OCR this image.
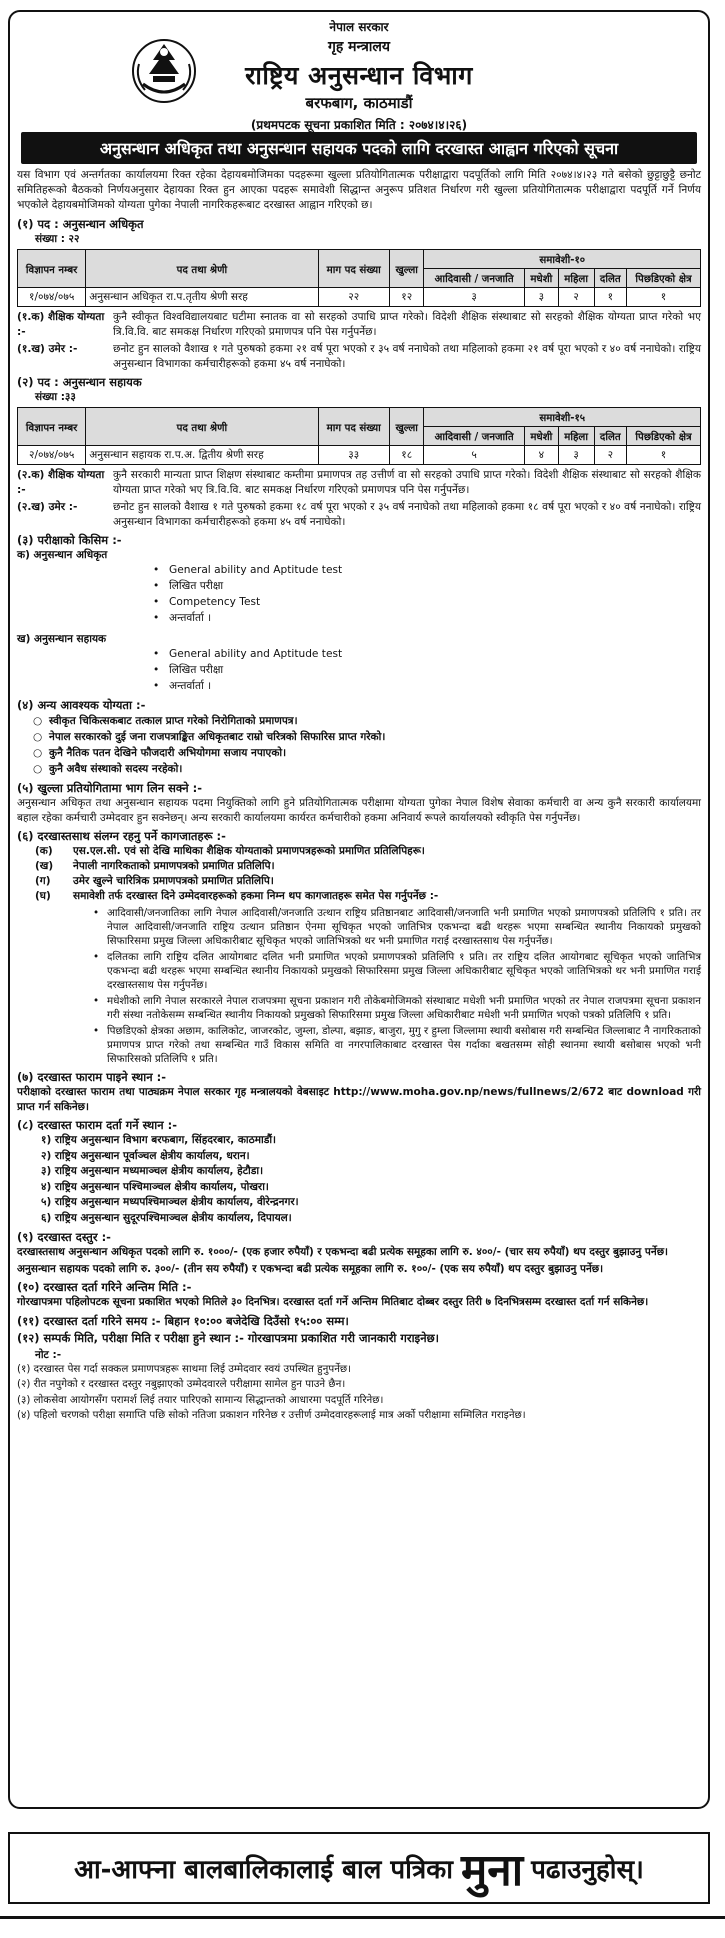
नेपाल सरकार
गृह मन्त्रालय
राष्ट्रिय अनुसन्धान विभाग
बरफबाग, काठमाडौं
(प्रथमपटक सूचना प्रकाशित मिति : २०७४।४।२६)
अनुसन्धान अधिकृत तथा अनुसन्धान सहायक पदको लागि दरखास्त आह्वान गरिएको सूचना

यस विभाग एवं अन्तर्गतका कार्यालयमा रिक्त रहेका देहायबमोजिमका पदहरूमा खुल्ला प्रतियोगितात्मक परीक्षाद्वारा पदपूर्तिको लागि मिति २०७४।४।२३ गते बसेको छुट्टाछुट्टै छनोट समितिहरूको बैठकको निर्णयअनुसार देहायका रिक्त हुन आएका पदहरू समावेशी सिद्धान्त अनुरूप प्रतिशत निर्धारण गरी खुल्ला प्रतियोगितात्मक परीक्षाद्वारा पदपूर्ति गर्ने निर्णय भएकोले देहायबमोजिमको योग्यता पुगेका नेपाली नागरिकहरूबाट दरखास्त आह्वान गरिएको छ।

(१) पद : अनुसन्धान अधिकृत
संख्या : २२
विज्ञापन नम्बर	पद तथा श्रेणी	माग पद संख्या	खुल्ला	समावेशी-१०				
				आदिवासी / जनजाति	मधेशी	महिला	दलित	पिछडिएको क्षेत्र
१/०७४/०७५	अनुसन्धान अधिकृत रा.प.तृतीय श्रेणी सरह	२२	१२	३	३	२	१	१
(१.क) शैक्षिक योग्यता :-
कुनै स्वीकृत विश्वविद्यालयबाट घटीमा स्नातक वा सो सरहको उपाधि प्राप्त गरेको। विदेशी शैक्षिक संस्थाबाट सो सरहको शैक्षिक योग्यता प्राप्त गरेको भए त्रि.वि.वि. बाट समकक्ष निर्धारण गरिएको प्रमाणपत्र पनि पेस गर्नुपर्नेछ।
(१.ख) उमेर :-	छनोट हुन सालको वैशाख १ गते पुरुषको हकमा २१ वर्ष पूरा भएको र ३५ वर्ष ननाघेको तथा महिलाको हकमा २१ वर्ष पूरा भएको र ४० वर्ष ननाघेको। राष्ट्रिय अनुसन्धान विभागका कर्मचारीहरूको हकमा ४५ वर्ष ननाघेको।
(२) पद : अनुसन्धान सहायक
संख्या :३३
विज्ञापन नम्बर	पद तथा श्रेणी	माग पद संख्या	खुल्ला	समावेशी-१५				
				आदिवासी / जनजाति	मधेशी	महिला	दलित	पिछडिएको क्षेत्र
२/०७४/०७५	अनुसन्धान सहायक रा.प.अ. द्वितीय श्रेणी सरह	३३	१८	५	४	३	२	१
(२.क) शैक्षिक योग्यता :-
कुनै सरकारी मान्यता प्राप्त शिक्षण संस्थाबाट कम्तीमा प्रमाणपत्र तह उत्तीर्ण वा सो सरहको उपाधि प्राप्त गरेको। विदेशी शैक्षिक संस्थाबाट सो सरहको शैक्षिक योग्यता प्राप्त गरेको भए त्रि.वि.वि. बाट समकक्ष निर्धारण गरिएको प्रमाणपत्र पनि पेस गर्नुपर्नेछ।
(२.ख) उमेर :-	छनोट हुन सालको वैशाख १ गते पुरुषको हकमा १८ वर्ष पूरा भएको र ३५ वर्ष ननाघेको तथा महिलाको हकमा १८ वर्ष पूरा भएको र ४० वर्ष ननाघेको। राष्ट्रिय अनुसन्धान विभागका कर्मचारीहरूको हकमा ४५ वर्ष ननाघेको।
(३) परीक्षाको किसिम :-
क) अनुसन्धान अधिकृत
• General ability and Aptitude test
• लिखित परीक्षा
• Competency Test
• अन्तर्वार्ता ।
ख) अनुसन्धान सहायक
• General ability and Aptitude test
• लिखित परीक्षा
• अन्तर्वार्ता ।
(४) अन्य आवश्यक योग्यता :-
○ स्वीकृत चिकित्सकबाट तत्काल प्राप्त गरेको निरोगिताको प्रमाणपत्र।
○ नेपाल सरकारको दुई जना राजपत्राङ्कित अधिकृतबाट राम्रो चरित्रको सिफारिस प्राप्त गरेको।
○ कुनै नैतिक पतन देखिने फौजदारी अभियोगमा सजाय नपाएको।
○ कुनै अवैध संस्थाको सदस्य नरहेको।
(५) खुल्ला प्रतियोगितामा भाग लिन सक्ने :-

अनुसन्धान अधिकृत तथा अनुसन्धान सहायक पदमा नियुक्तिको लागि हुने प्रतियोगितात्मक परीक्षामा योग्यता पुगेका नेपाल विशेष सेवाका कर्मचारी वा अन्य कुनै सरकारी कार्यालयमा बहाल रहेका कर्मचारी उम्मेदवार हुन सक्नेछन्। अन्य सरकारी कार्यालयमा कार्यरत कर्मचारीको हकमा अनिवार्य रूपले कार्यालयको स्वीकृति पेस गर्नुपर्नेछ।

(६) दरखास्तसाथ संलग्न रहनु पर्ने कागजातहरू :-
(क)	एस.एल.सी. एवं सो देखि माथिका शैक्षिक योग्यताको प्रमाणपत्रहरूको प्रमाणित प्रतिलिपिहरू।
(ख)	नेपाली नागरिकताको प्रमाणपत्रको प्रमाणित प्रतिलिपि।
(ग)	उमेर खुल्ने चारित्रिक प्रमाणपत्रको प्रमाणित प्रतिलिपि।
(घ)	समावेशी तर्फ दरखास्त दिने उम्मेदवारहरूको हकमा निम्न थप कागजातहरू समेत पेस गर्नुपर्नेछ :-
• आदिवासी/जनजातिका लागि नेपाल आदिवासी/जनजाति उत्थान राष्ट्रिय प्रतिष्ठानबाट आदिवासी/जनजाति भनी प्रमाणित भएको प्रमाणपत्रको प्रतिलिपि १ प्रति। तर नेपाल आदिवासी/जनजाति राष्ट्रिय उत्थान प्रतिष्ठान ऐनमा सूचिकृत भएको जातिभित्र एकभन्दा बढी थरहरू भएमा सम्बन्धित स्थानीय निकायको प्रमुखको सिफारिसमा प्रमुख जिल्ला अधिकारीबाट सूचिकृत भएको जातिभित्रको थर भनी प्रमाणित गराई दरखास्तसाथ पेस गर्नुपर्नेछ।
• दलितका लागि राष्ट्रिय दलित आयोगबाट दलित भनी प्रमाणित भएको प्रमाणपत्रको प्रतिलिपि १ प्रति। तर राष्ट्रिय दलित आयोगबाट सूचिकृत भएको जातिभित्र एकभन्दा बढी थरहरू भएमा सम्बन्धित स्थानीय निकायको प्रमुखको सिफारिसमा प्रमुख जिल्ला अधिकारीबाट सूचिकृत भएको जातिभित्रको थर भनी प्रमाणित गराई दरखास्तसाथ पेस गर्नुपर्नेछ।
• मधेशीको लागि नेपाल सरकारले नेपाल राजपत्रमा सूचना प्रकाशन गरी तोकेबमोजिमको संस्थाबाट मधेशी भनी प्रमाणित भएको तर नेपाल राजपत्रमा सूचना प्रकाशन गरी संस्था नतोकेसम्म सम्बन्धित स्थानीय निकायको प्रमुखको सिफारिसमा प्रमुख जिल्ला अधिकारीबाट मधेशी भनी प्रमाणित भएको पत्रको प्रतिलिपि १ प्रति।
• पिछडिएको क्षेत्रका अछाम, कालिकोट, जाजरकोट, जुम्ला, डोल्पा, बझाङ, बाजुरा, मुगु र हुम्ला जिल्लामा स्थायी बसोबास गरी सम्बन्धित जिल्लाबाट नै नागरिकताको प्रमाणपत्र प्राप्त गरेको तथा सम्बन्धित गाउँ विकास समिति वा नगरपालिकाबाट दरखास्त पेस गर्दाका बखतसम्म सोही स्थानमा स्थायी बसोबास भएको भनी सिफारिसको प्रतिलिपि १ प्रति।
(७) दरखास्त फाराम पाइने स्थान :-

परीक्षाको दरखास्त फाराम तथा पाठ्यक्रम नेपाल सरकार गृह मन्त्रालयको वेबसाइट http://www.moha.gov.np/news/fullnews/2/672 बाट download गरी प्राप्त गर्न सकिनेछ।

(८) दरखास्त फाराम दर्ता गर्ने स्थान :-
१) राष्ट्रिय अनुसन्धान विभाग बरफबाग, सिंहदरबार, काठमाडौं।
२) राष्ट्रिय अनुसन्धान पूर्वाञ्चल क्षेत्रीय कार्यालय, धरान।
३) राष्ट्रिय अनुसन्धान मध्यमाञ्चल क्षेत्रीय कार्यालय, हेटौडा।
४) राष्ट्रिय अनुसन्धान पश्चिमाञ्चल क्षेत्रीय कार्यालय, पोखरा।
५) राष्ट्रिय अनुसन्धान मध्यपश्चिमाञ्चल क्षेत्रीय कार्यालय, वीरेन्द्रनगर।
६) राष्ट्रिय अनुसन्धान सुदूरपश्चिमाञ्चल क्षेत्रीय कार्यालय, दिपायल।
(९) दरखास्त दस्तुर :-

दरखास्तसाथ अनुसन्धान अधिकृत पदको लागि रु. १०००/- (एक हजार रुपैयाँ) र एकभन्दा बढी प्रत्येक समूहका लागि रु. ४००/- (चार सय रुपैयाँ) थप दस्तुर बुझाउनु पर्नेछ।

अनुसन्धान सहायक पदको लागि रु. ३००/- (तीन सय रुपैयाँ) र एकभन्दा बढी प्रत्येक समूहका लागि रु. १००/- (एक सय रुपैयाँ) थप दस्तुर बुझाउनु पर्नेछ।

(१०) दरखास्त दर्ता गरिने अन्तिम मिति :-

गोरखापत्रमा पहिलोपटक सूचना प्रकाशित भएको मितिले ३० दिनभित्र। दरखास्त दर्ता गर्ने अन्तिम मितिबाट दोब्बर दस्तुर तिरी ७ दिनभित्रसम्म दरखास्त दर्ता गर्न सकिनेछ।

(११) दरखास्त दर्ता गरिने समय :- बिहान १०:०० बजेदेखि दिउँसो १५:०० सम्म।
(१२) सम्पर्क मिति, परीक्षा मिति र परीक्षा हुने स्थान :- गोरखापत्रमा प्रकाशित गरी जानकारी गराइनेछ।
नोट :-
(१) दरखास्त पेस गर्दा सक्कल प्रमाणपत्रहरू साथमा लिई उम्मेदवार स्वयं उपस्थित हुनुपर्नेछ।
(२) रीत नपुगेको र दरखास्त दस्तुर नबुझाएको उम्मेदवारले परीक्षामा सामेल हुन पाउने छैन।
(३) लोकसेवा आयोगसँग परामर्श लिई तयार पारिएको सामान्य सिद्धान्तको आधारमा पदपूर्ति गरिनेछ।
(४) पहिलो चरणको परीक्षा समाप्ति पछि सोको नतिजा प्रकाशन गरिनेछ र उत्तीर्ण उम्मेदवारहरूलाई मात्र अर्को परीक्षामा सम्मिलित गराइनेछ।
आ-आफ्ना बालबालिकालाई बाल पत्रिका मुना पढाउनुहोस्।
